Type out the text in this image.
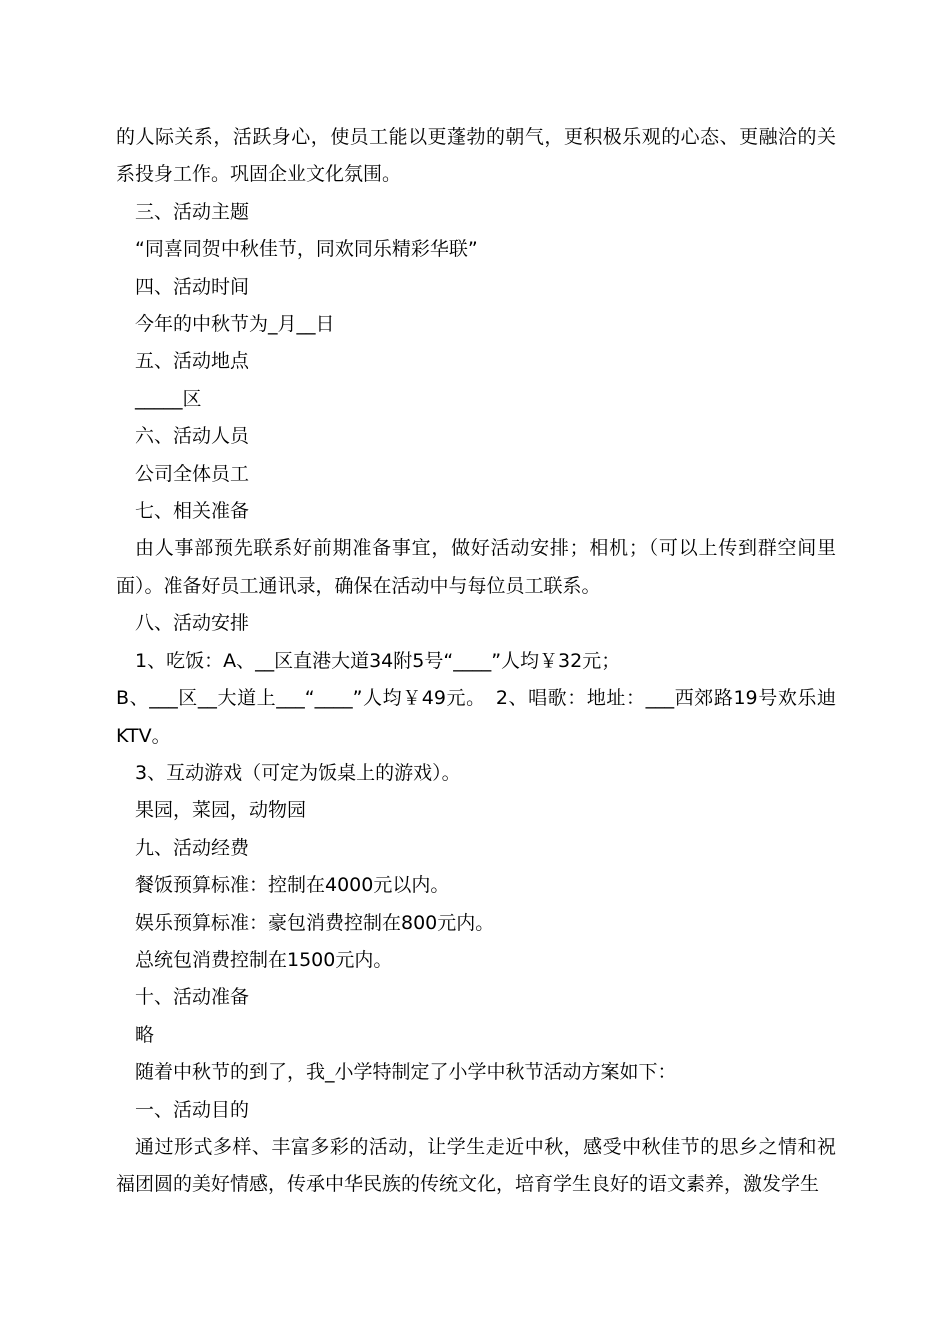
的人际关系，活跃身心，使员工能以更蓬勃的朝气，更积极乐观的心态、更融洽的关系投身工作。巩固企业文化氛围。

三、活动主题

“同喜同贺中秋佳节，同欢同乐精彩华联”

四、活动时间

今年的中秋节为_月__日

五、活动地点

_____区

六、活动人员

公司全体员工

七、相关准备

由人事部预先联系好前期准备事宜，做好活动安排；相机；（可以上传到群空间里面）。准备好员工通讯录，确保在活动中与每位员工联系。

八、活动安排

1、吃饭：A、__区直港大道34附5号“____”人均￥32元；

B、___区__大道上___“____”人均￥49元。　2、唱歌：地址：___西郊路19号欢乐迪KTV。

3、互动游戏（可定为饭桌上的游戏）。

果园，菜园，动物园

九、活动经费

餐饭预算标准：控制在4000元以内。

娱乐预算标准：豪包消费控制在800元内。

总统包消费控制在1500元内。

十、活动准备

略

随着中秋节的到了，我_小学特制定了小学中秋节活动方案如下：

一、活动目的

通过形式多样、丰富多彩的活动，让学生走近中秋，感受中秋佳节的思乡之情和祝福团圆的美好情感，传承中华民族的传统文化，培育学生良好的语文素养，激发学生
